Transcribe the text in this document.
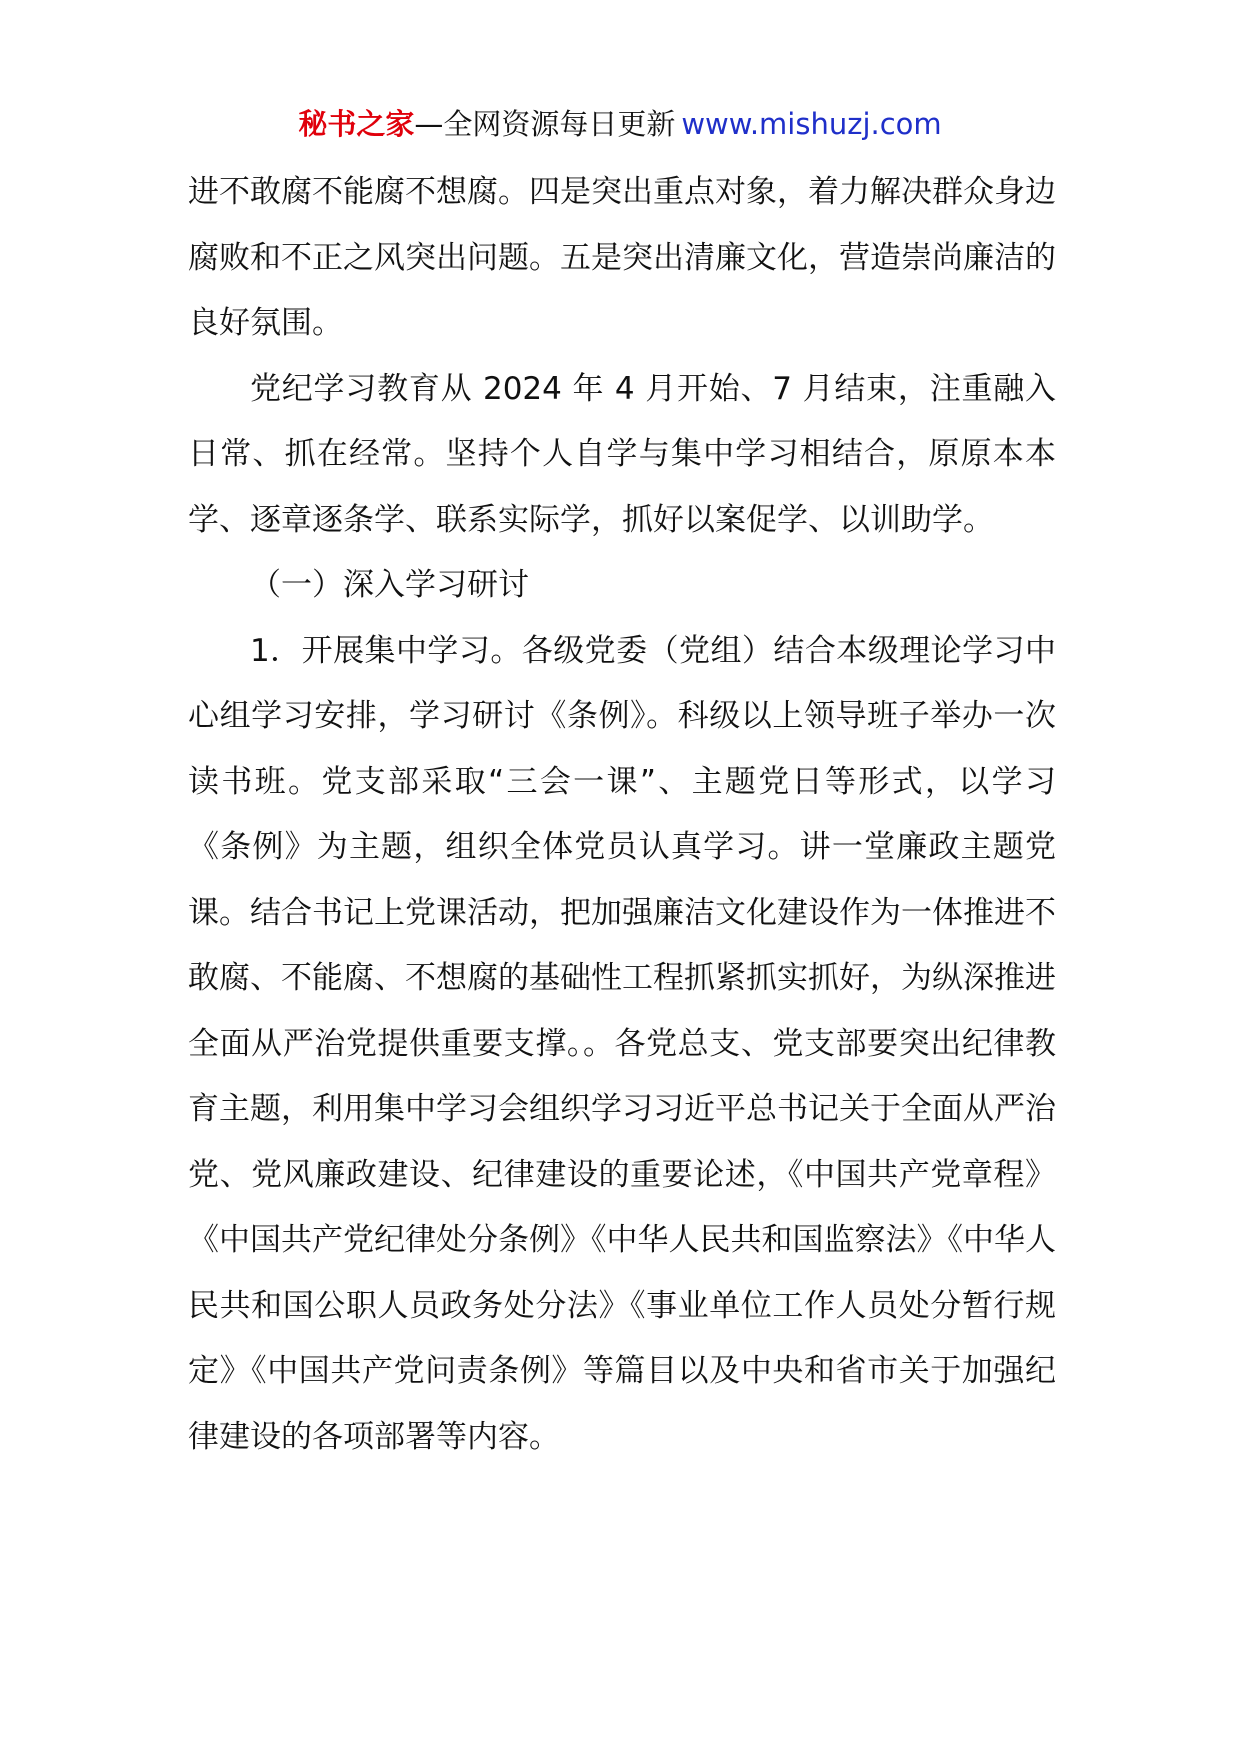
秘书之家—全网资源每日更新 www.mishuzj.com

进不敢腐不能腐不想腐。四是突出重点对象，着力解决群众身边腐败和不正之风突出问题。五是突出清廉文化，营造崇尚廉洁的良好氛围。

党纪学习教育从 2024 年 4 月开始、7 月结束，注重融入日常、抓在经常。坚持个人自学与集中学习相结合，原原本本学、逐章逐条学、联系实际学，抓好以案促学、以训助学。

（一）深入学习研讨

1．开展集中学习。各级党委（党组）结合本级理论学习中心组学习安排，学习研讨《条例》。科级以上领导班子举办一次读书班。党支部采取“三会一课”、主题党日等形式，以学习《条例》为主题，组织全体党员认真学习。讲一堂廉政主题党课。结合书记上党课活动，把加强廉洁文化建设作为一体推进不敢腐、不能腐、不想腐的基础性工程抓紧抓实抓好，为纵深推进全面从严治党提供重要支撑。。各党总支、党支部要突出纪律教育主题，利用集中学习会组织学习习近平总书记关于全面从严治党、党风廉政建设、纪律建设的重要论述，《中国共产党章程》《中国共产党纪律处分条例》《中华人民共和国监察法》《中华人民共和国公职人员政务处分法》《事业单位工作人员处分暂行规定》《中国共产党问责条例》等篇目以及中央和省市关于加强纪律建设的各项部署等内容。
